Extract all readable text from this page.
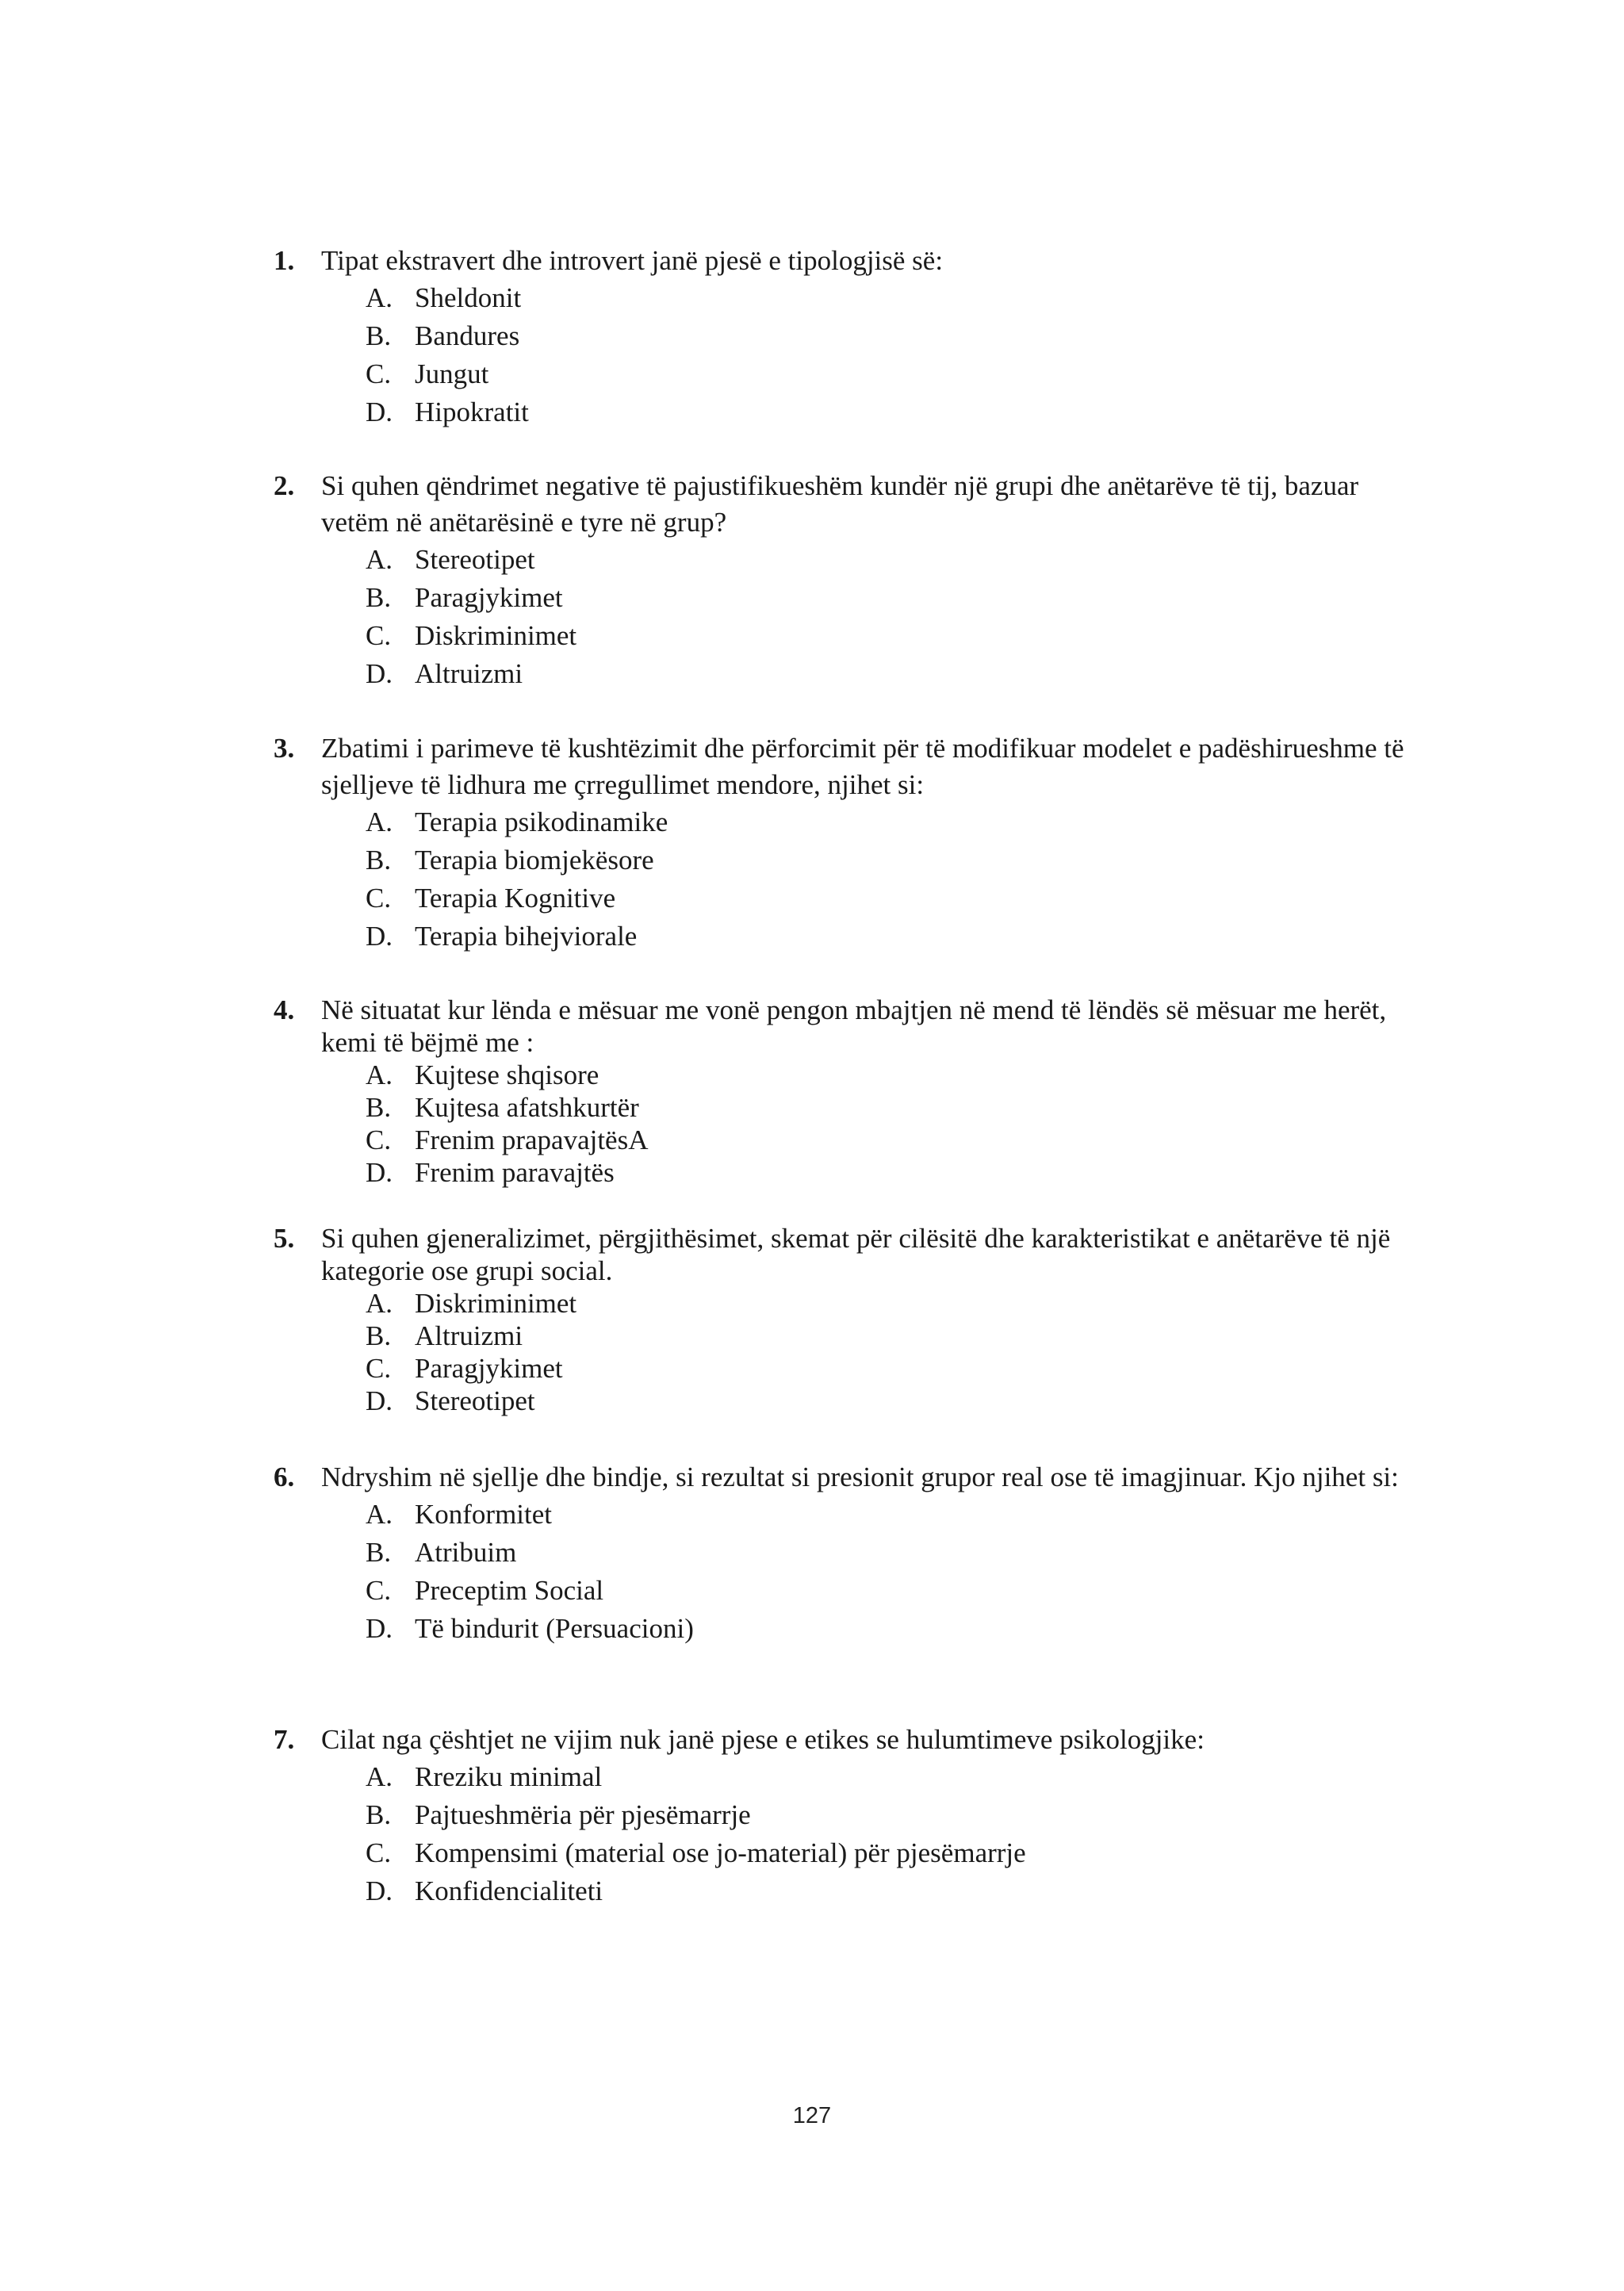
1. Tipat ekstravert dhe introvert janë pjesë e tipologjisë së:
A. Sheldonit
B. Bandures
C. Jungut
D. Hipokratit
2. Si quhen qëndrimet negative të pajustifikueshëm kundër një grupi dhe anëtarëve të tij, bazuar vetëm në anëtarësinë e tyre në grup?
A. Stereotipet
B. Paragjykimet
C. Diskriminimet
D. Altruizmi
3. Zbatimi i parimeve të kushtëzimit dhe përforcimit për të modifikuar modelet e padëshirueshme të sjelljeve të lidhura me çrregullimet mendore, njihet si:
A. Terapia psikodinamike
B. Terapia biomjekësore
C. Terapia Kognitive
D. Terapia bihejviorale
4. Në situatat kur lënda e mësuar me vonë pengon mbajtjen në mend të lëndës së mësuar me herët, kemi të bëjmë me :
A. Kujtese shqisore
B. Kujtesa afatshkurtër
C. Frenim prapavajtësA
D. Frenim paravajtës
5. Si quhen gjeneralizimet, përgjithësimet, skemat për cilësitë dhe karakteristikat e anëtarëve të një kategorie ose grupi social.
A. Diskriminimet
B. Altruizmi
C. Paragjykimet
D. Stereotipet
6. Ndryshim në sjellje dhe bindje, si rezultat si presionit grupor real ose të imagjinuar. Kjo njihet si:
A. Konformitet
B. Atribuim
C. Preceptim Social
D. Të bindurit (Persuacioni)
7. Cilat nga çështjet ne vijim nuk janë pjese e etikes se hulumtimeve psikologjike:
A. Rreziku minimal
B. Pajtueshmëria për pjesëmarrje
C. Kompensimi (material ose jo-material) për pjesëmarrje
D. Konfidencialiteti
127
